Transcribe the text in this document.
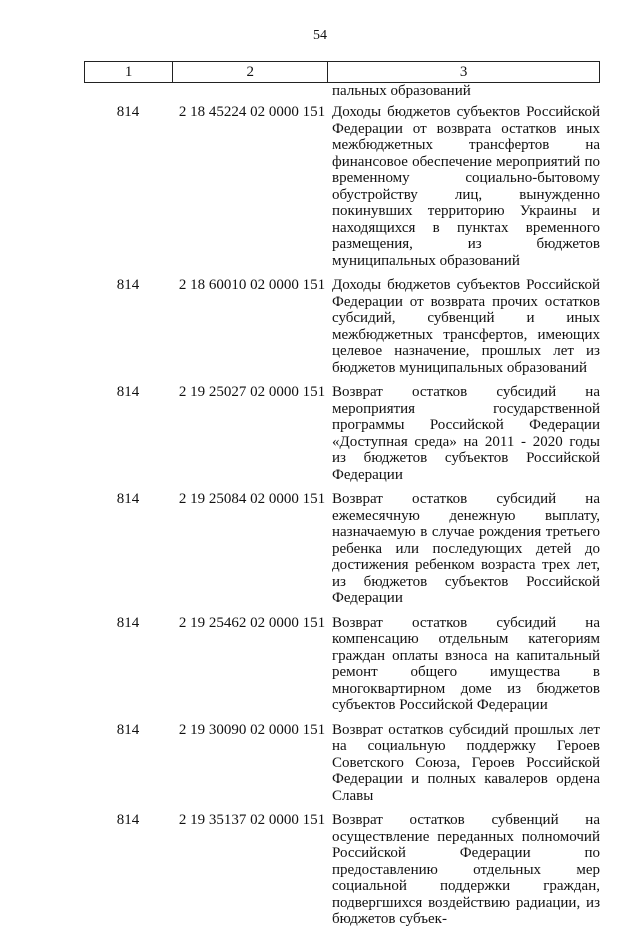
54
1	2	3
пальных образований
814	2 18 45224 02 0000 151 Доходы бюджетов субъектов Российской Федерации от возврата остатков иных межбюджетных трансфертов на финансовое обеспечение мероприятий по временному социально-бытовому обустройству лиц, вынужденно покинувших территорию Украины и находящихся в пунктах временного размещения, из бюджетов муниципальных образований
814	2 18 60010 02 0000 151 Доходы бюджетов субъектов Российской Федерации от возврата прочих остатков субсидий, субвенций и иных межбюджетных трансфертов, имеющих целевое назначение, прошлых лет из бюджетов муниципальных образований
814	2 19 25027 02 0000 151 Возврат остатков субсидий на мероприятия государственной программы Российской Федерации «Доступная среда» на 2011 - 2020 годы из бюджетов субъектов Российской Федерации
814	2 19 25084 02 0000 151 Возврат остатков субсидий на ежемесячную денежную выплату, назначаемую в случае рождения третьего ребенка или последующих детей до достижения ребенком возраста трех лет, из бюджетов субъектов Российской Федерации
814	2 19 25462 02 0000 151 Возврат остатков субсидий на компенсацию отдельным категориям граждан оплаты взноса на капитальный ремонт общего имущества в многоквартирном доме из бюджетов субъектов Российской Федерации
814	2 19 30090 02 0000 151 Возврат остатков субсидий прошлых лет на социальную поддержку Героев Советского Союза, Героев Российской Федерации и полных кавалеров ордена Славы
814	2 19 35137 02 0000 151 Возврат остатков субвенций на осуществление переданных полномочий Российской Федерации по предоставлению отдельных мер социальной поддержки граждан, подвергшихся воздействию радиации, из бюджетов субъек-
